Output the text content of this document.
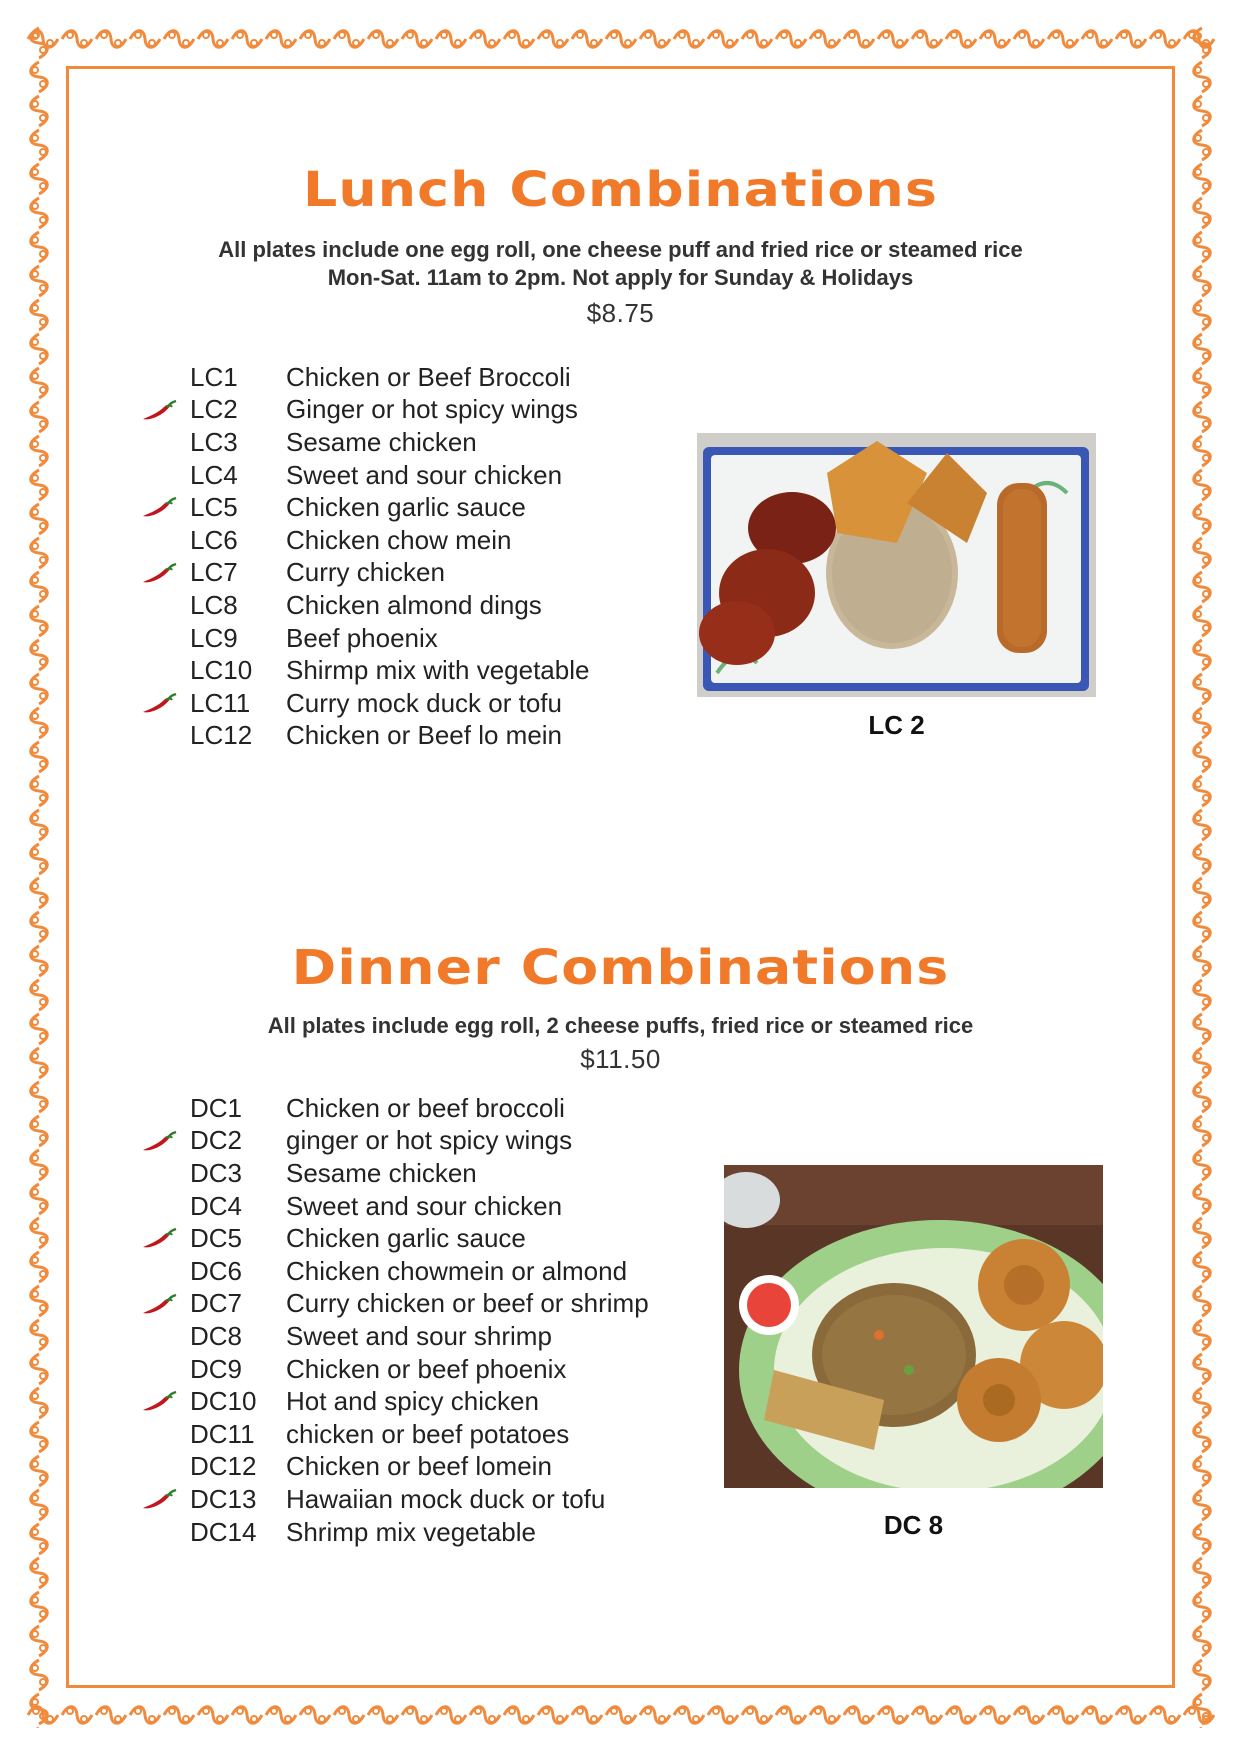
Lunch Combinations
All plates include one egg roll, one cheese puff and fried rice or steamed rice
Mon-Sat. 11am to 2pm. Not apply for Sunday & Holidays
$8.75
LC1 Chicken or Beef Broccoli
LC2 Ginger or hot spicy wings
LC3 Sesame chicken
LC4 Sweet and sour chicken
LC5 Chicken garlic sauce
LC6 Chicken chow mein
LC7 Curry chicken
LC8 Chicken almond dings
LC9 Beef phoenix
LC10 Shirmp mix with vegetable
LC11 Curry mock duck or tofu
LC12 Chicken or Beef lo mein	LC 2
Dinner Combinations
All plates include egg roll, 2 cheese puffs, fried rice or steamed rice
$11.50
DC1 Chicken or beef broccoli
DC2 ginger or hot spicy wings
DC3 Sesame chicken
DC4 Sweet and sour chicken
DC5 Chicken garlic sauce
DC6 Chicken chowmein or almond
DC7 Curry chicken or beef or shrimp
DC8 Sweet and sour shrimp
DC9 Chicken or beef phoenix
DC10 Hot and spicy chicken
DC11 chicken or beef potatoes
DC12 Chicken or beef lomein
DC13 Hawaiian mock duck or tofu
DC14 Shrimp mix vegetable	DC 8
